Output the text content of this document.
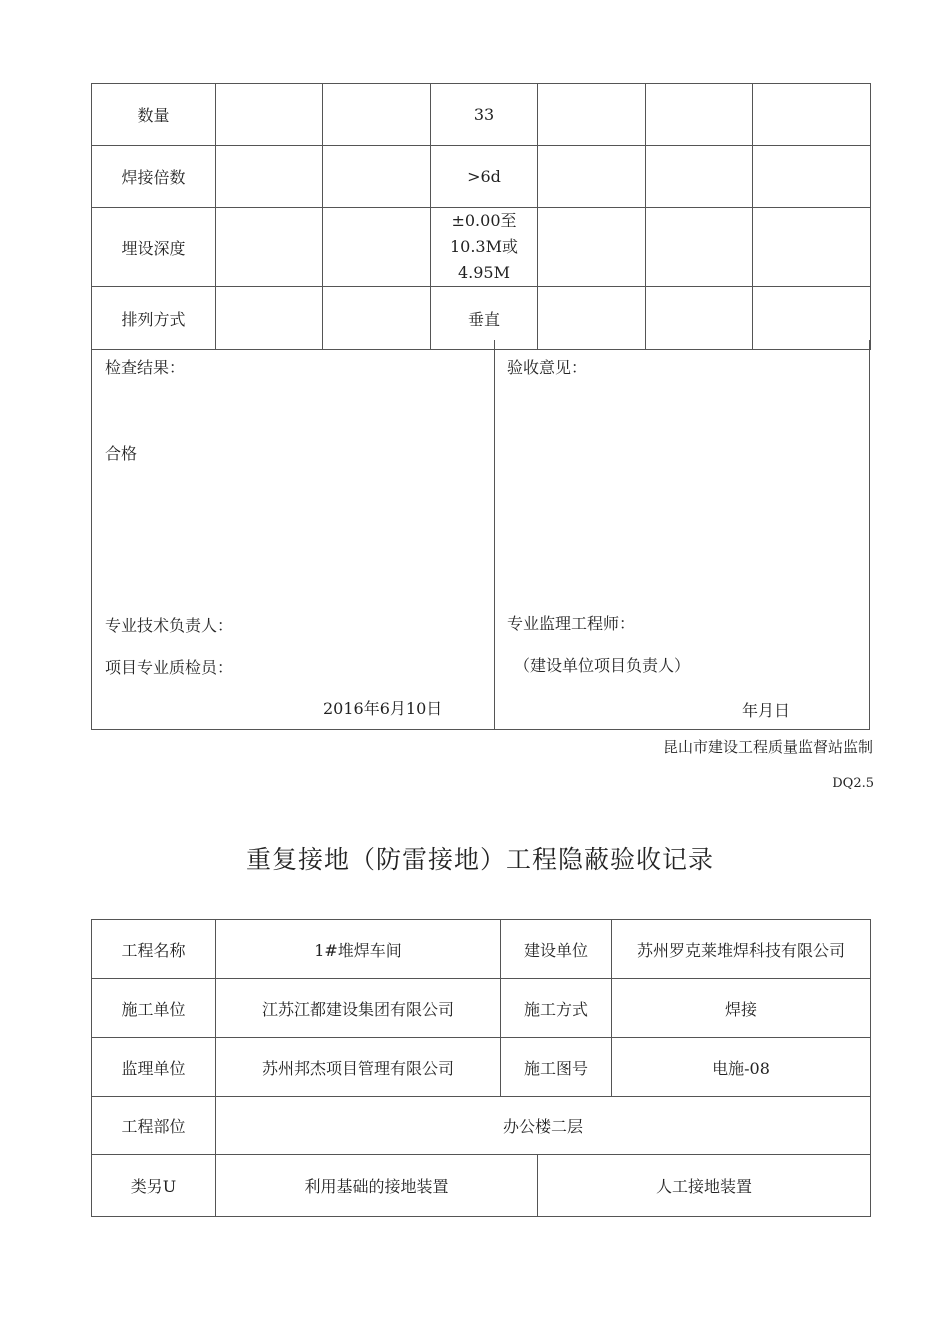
数量			33			
焊接倍数			>6d			
埋设深度			±0.00至
10.3M或4.95M			

排列方式			垂直			
检查结果：
合格
专业技术负责人：
项目专业质检员：
2016年6月10日
验收意见：
专业监理工程师：
（建设单位项目负责人）
年月日
昆山市建设工程质量监督站监制
DQ2.5
重复接地（防雷接地）工程隐蔽验收记录
工程名称	1#堆焊车间	建设单位		苏州罗克莱堆焊科技有限公司
施工单位	江苏江都建设集团有限公司	施工方式		焊接
监理单位	苏州邦杰项目管理有限公司	施工图号		电施-08
工程部位	办公楼二层			
类另U	利用基础的接地装置		人工接地装置	
